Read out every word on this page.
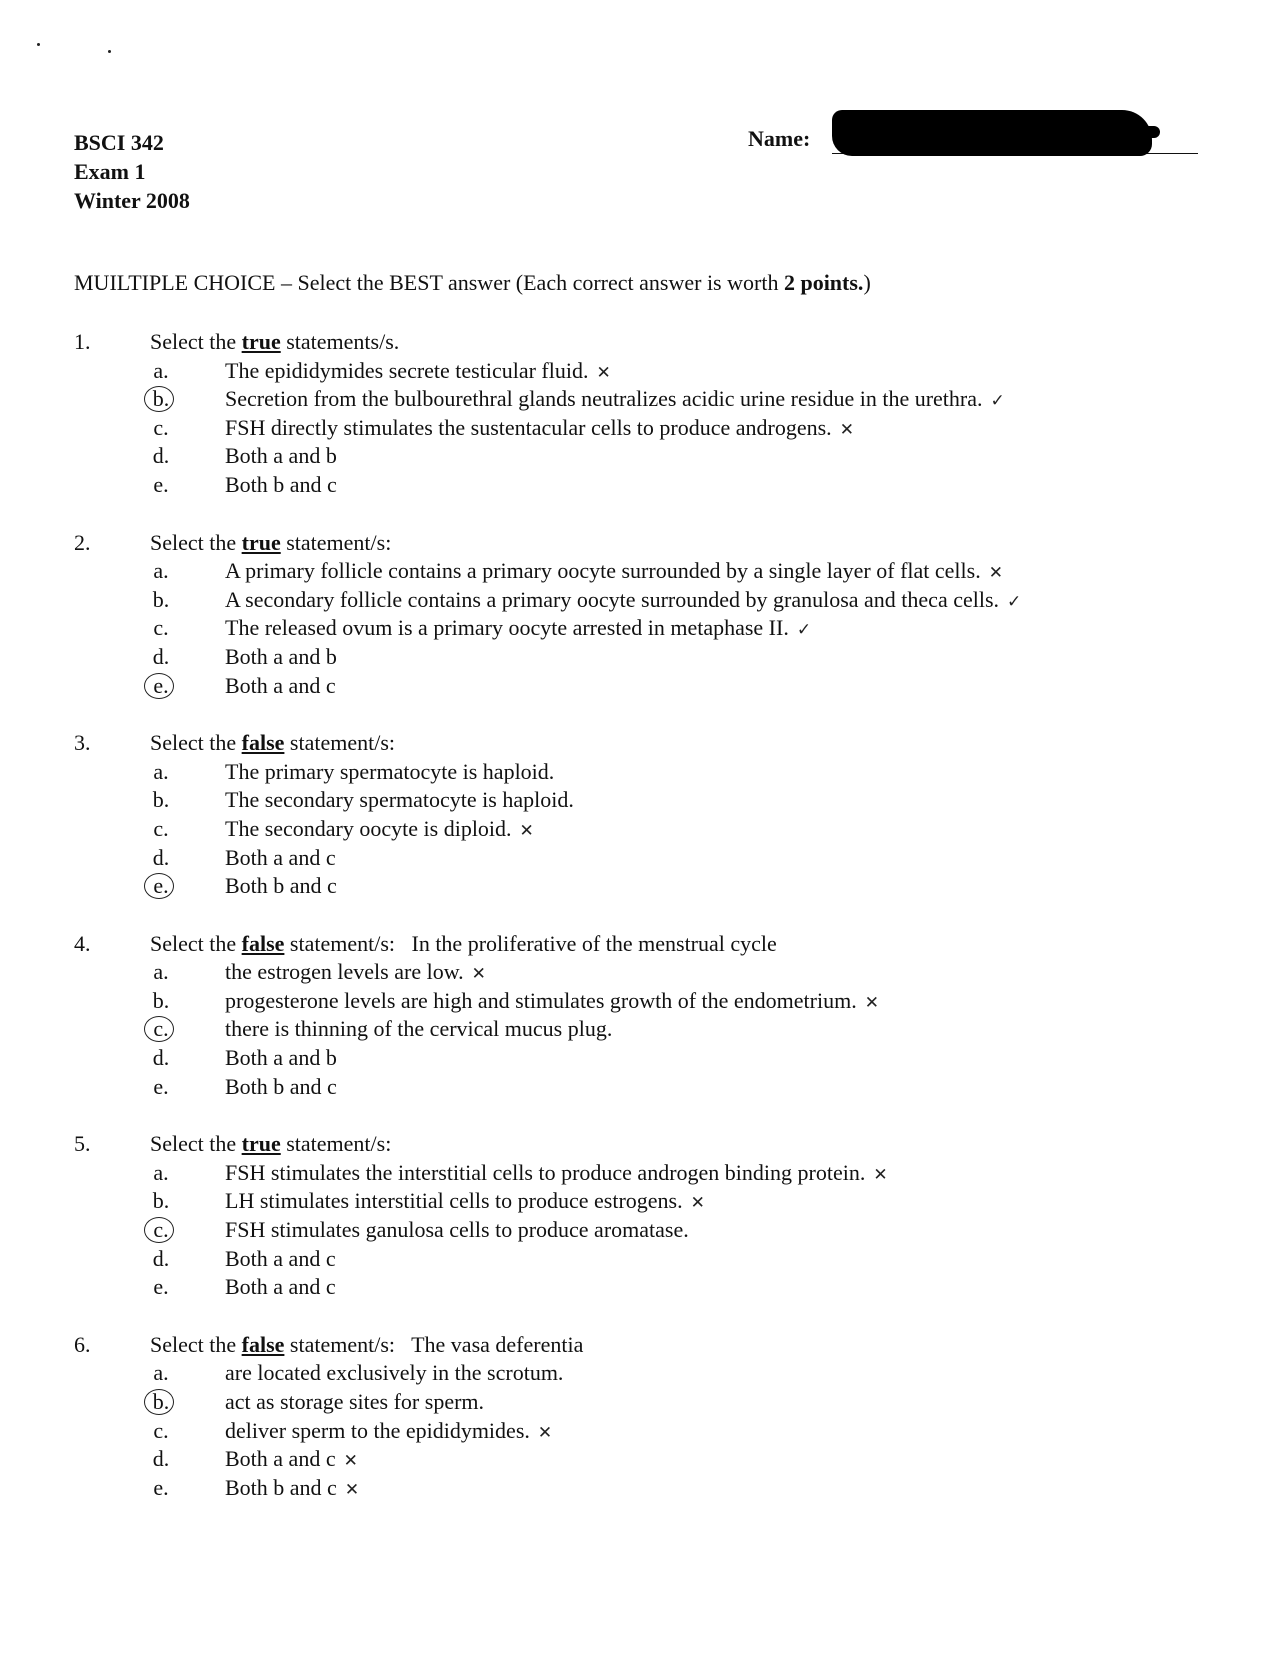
BSCI 342
Exam 1
Winter 2008
Name:
MUILTIPLE CHOICE – Select the BEST answer (Each correct answer is worth 2 points.)
1.	Select the true statements/s.
a.	The epididymides secrete testicular fluid. ✕
b.	Secretion from the bulbourethral glands neutralizes acidic urine residue in the urethra. ✓
c.	FSH directly stimulates the sustentacular cells to produce androgens. ✕
d.	Both a and b
e.	Both b and c
2.	Select the true statement/s:
a.	A primary follicle contains a primary oocyte surrounded by a single layer of flat cells. ✕
b.	A secondary follicle contains a primary oocyte surrounded by granulosa and theca cells. ✓
c.	The released ovum is a primary oocyte arrested in metaphase II. ✓
d.	Both a and b
e.	Both a and c
3.	Select the false statement/s:
a.	The primary spermatocyte is haploid.
b.	The secondary spermatocyte is haploid.
c.	The secondary oocyte is diploid. ✕
d.	Both a and c
e.	Both b and c
4.	Select the false statement/s:   In the proliferative of the menstrual cycle
a.	the estrogen levels are low. ✕
b.	progesterone levels are high and stimulates growth of the endometrium. ✕
c.	there is thinning of the cervical mucus plug.
d.	Both a and b
e.	Both b and c
5.	Select the true statement/s:
a.	FSH stimulates the interstitial cells to produce androgen binding protein. ✕
b.	LH stimulates interstitial cells to produce estrogens. ✕
c.	FSH stimulates ganulosa cells to produce aromatase.
d.	Both a and c
e.	Both a and c
6.	Select the false statement/s:   The vasa deferentia
a.	are located exclusively in the scrotum.
b.	act as storage sites for sperm.
c.	deliver sperm to the epididymides. ✕
d.	Both a and c ✕
e.	Both b and c ✕
